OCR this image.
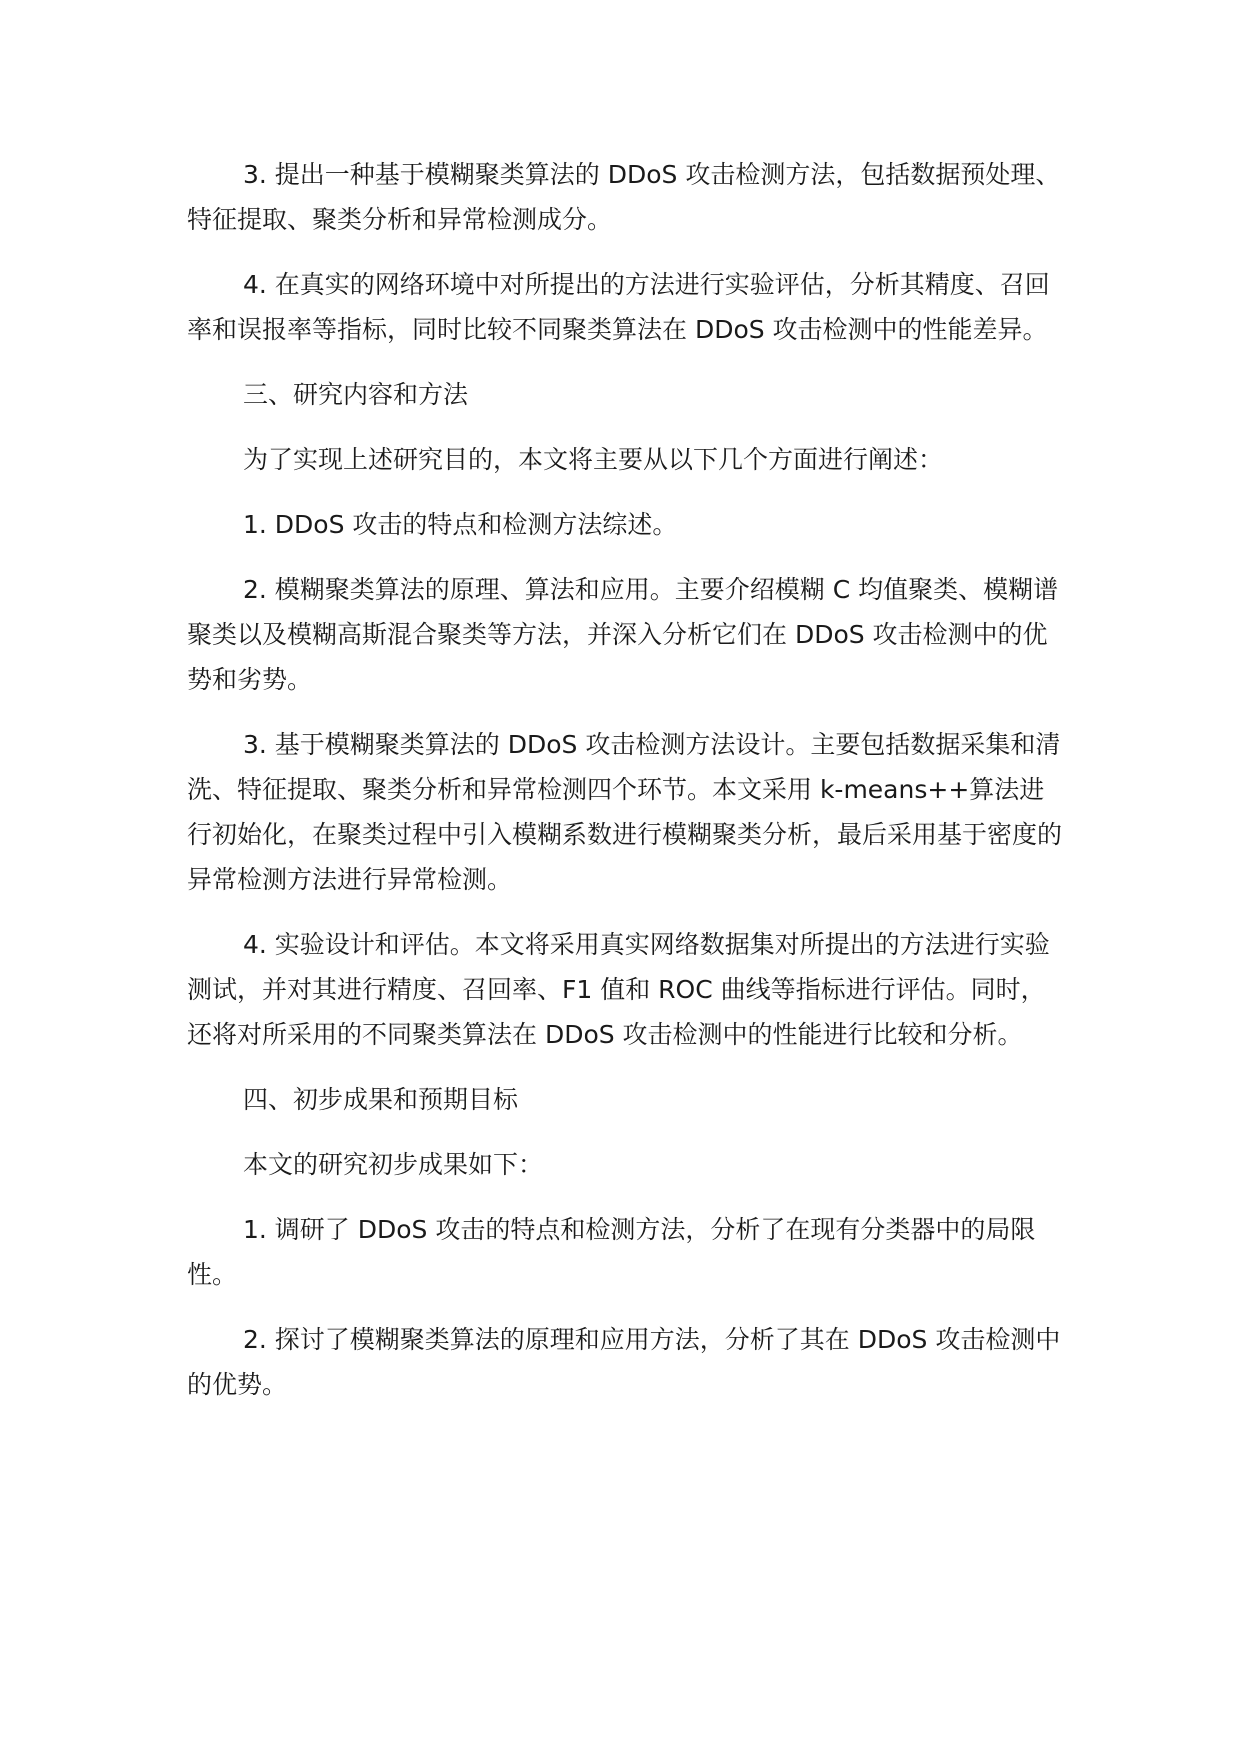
3. 提出一种基于模糊聚类算法的 DDoS 攻击检测方法，包括数据预处理、特征提取、聚类分析和异常检测成分。

4. 在真实的网络环境中对所提出的方法进行实验评估，分析其精度、召回率和误报率等指标，同时比较不同聚类算法在 DDoS 攻击检测中的性能差异。

三、研究内容和方法

为了实现上述研究目的，本文将主要从以下几个方面进行阐述：

1. DDoS 攻击的特点和检测方法综述。

2. 模糊聚类算法的原理、算法和应用。主要介绍模糊 C 均值聚类、模糊谱聚类以及模糊高斯混合聚类等方法，并深入分析它们在 DDoS 攻击检测中的优势和劣势。

3. 基于模糊聚类算法的 DDoS 攻击检测方法设计。主要包括数据采集和清洗、特征提取、聚类分析和异常检测四个环节。本文采用 k-means++算法进行初始化，在聚类过程中引入模糊系数进行模糊聚类分析，最后采用基于密度的异常检测方法进行异常检测。

4. 实验设计和评估。本文将采用真实网络数据集对所提出的方法进行实验测试，并对其进行精度、召回率、F1 值和 ROC 曲线等指标进行评估。同时，还将对所采用的不同聚类算法在 DDoS 攻击检测中的性能进行比较和分析。

四、初步成果和预期目标

本文的研究初步成果如下：

1. 调研了 DDoS 攻击的特点和检测方法，分析了在现有分类器中的局限性。

2. 探讨了模糊聚类算法的原理和应用方法，分析了其在 DDoS 攻击检测中的优势。
